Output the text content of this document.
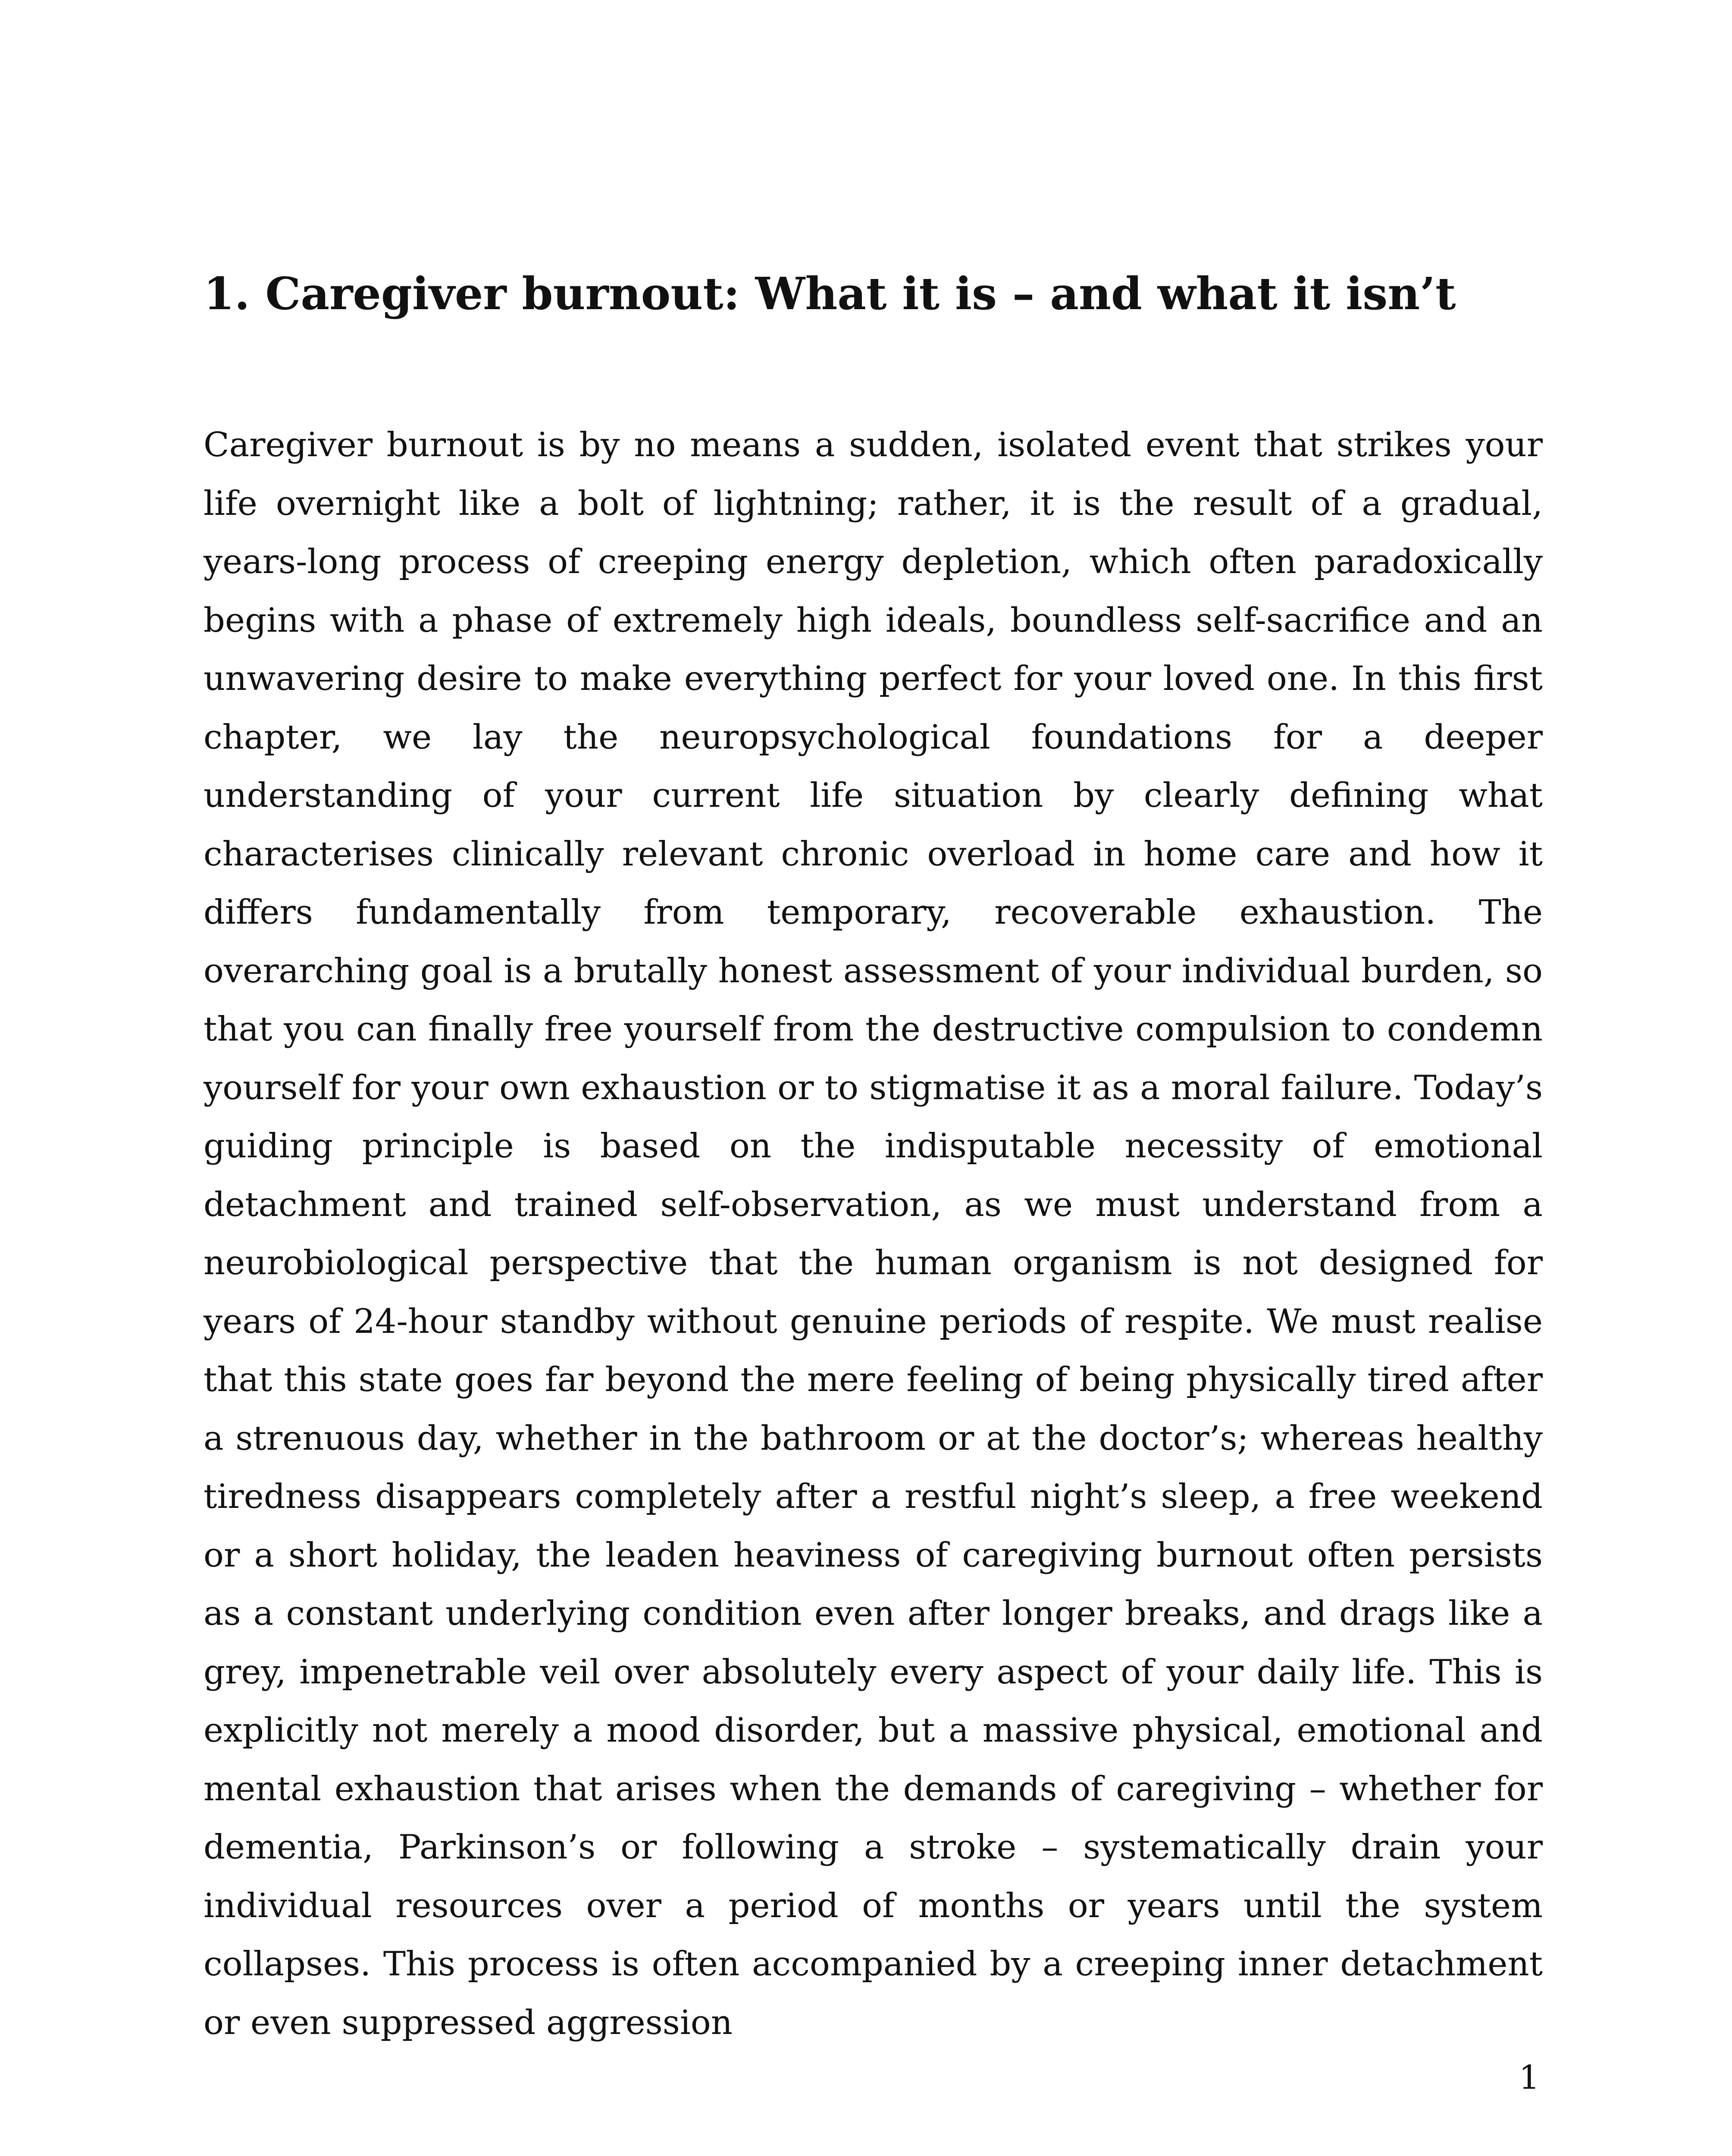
1. Caregiver burnout: What it is – and what it isn’t

Caregiver burnout is by no means a sudden, isolated event that strikes your life overnight like a bolt of lightning; rather, it is the result of a gradual, years-long process of creeping energy depletion, which often paradoxically begins with a phase of extremely high ideals, boundless self-sacrifice and an unwavering desire to make everything perfect for your loved one. In this first chapter, we lay the neuropsychological foundations for a deeper understanding of your current life situation by clearly defining what characterises clinically relevant chronic overload in home care and how it differs fundamentally from temporary, recoverable exhaustion. The overarching goal is a brutally honest assessment of your individual burden, so that you can finally free yourself from the destructive compulsion to condemn yourself for your own exhaustion or to stigmatise it as a moral failure. Today’s guiding principle is based on the indisputable necessity of emotional detachment and trained self-observation, as we must understand from a neurobiological perspective that the human organism is not designed for years of 24-hour standby without genuine periods of respite. We must realise that this state goes far beyond the mere feeling of being physically tired after a strenuous day, whether in the bathroom or at the doctor’s; whereas healthy tiredness disappears completely after a restful night’s sleep, a free weekend or a short holiday, the leaden heaviness of caregiving burnout often persists as a constant underlying condition even after longer breaks, and drags like a grey, impenetrable veil over absolutely every aspect of your daily life. This is explicitly not merely a mood disorder, but a massive physical, emotional and mental exhaustion that arises when the demands of caregiving – whether for dementia, Parkinson’s or following a stroke – systematically drain your individual resources over a period of months or years until the system collapses. This process is often accompanied by a creeping inner detachment or even suppressed aggression

1
